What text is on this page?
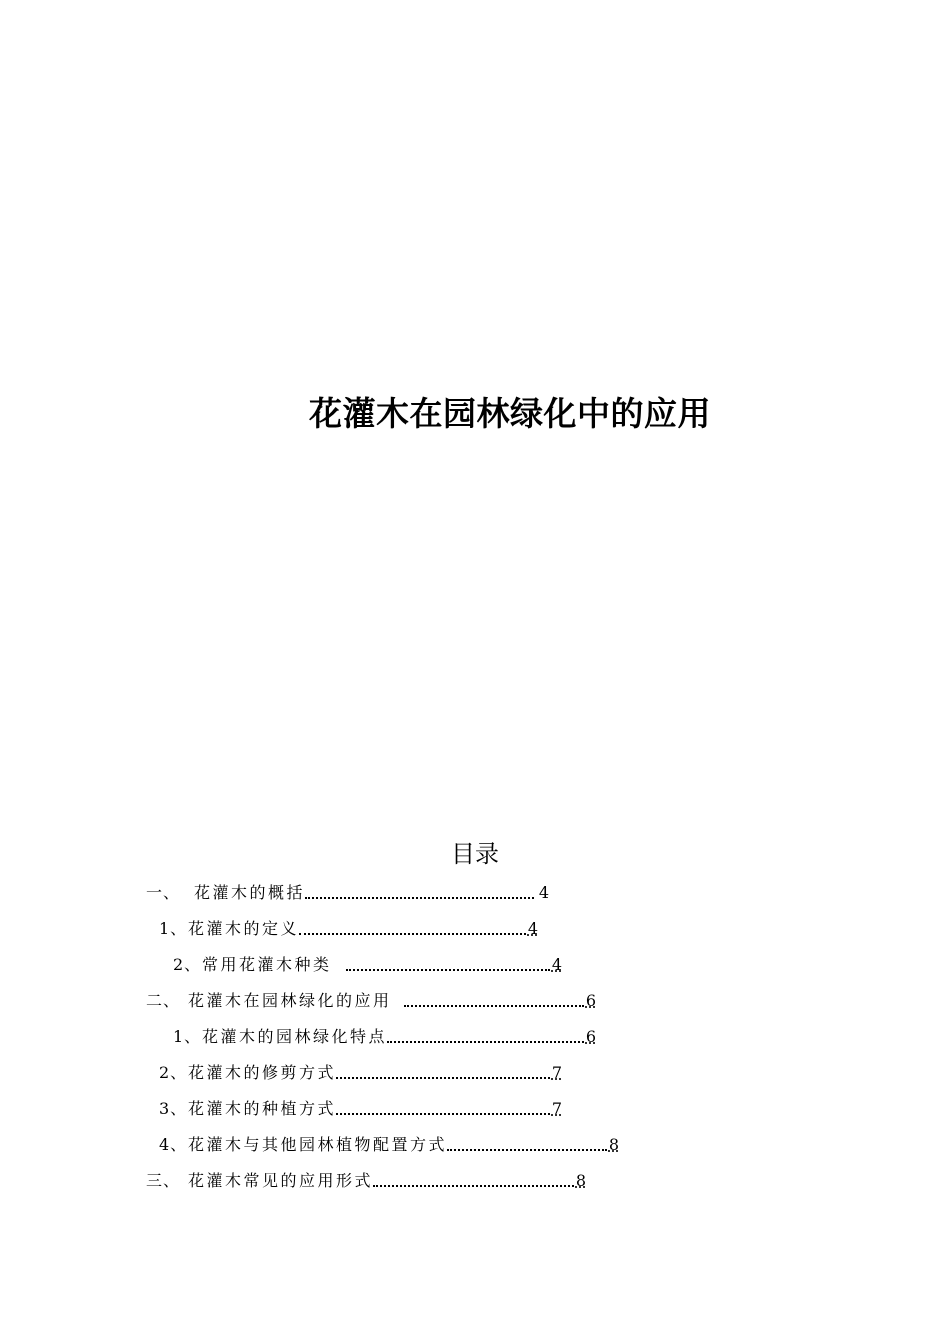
花灌木在园林绿化中的应用
目录
一、 花灌木的概括	4
1、 花灌木的定义	4
2、 常用花灌木种类	4
二、 花灌木在园林绿化的应用	6
1、 花灌木的园林绿化特点	6
2、 花灌木的修剪方式	7
3、 花灌木的种植方式	7
4、 花灌木与其他园林植物配置方式	8
三、 花灌木常见的应用形式	8
